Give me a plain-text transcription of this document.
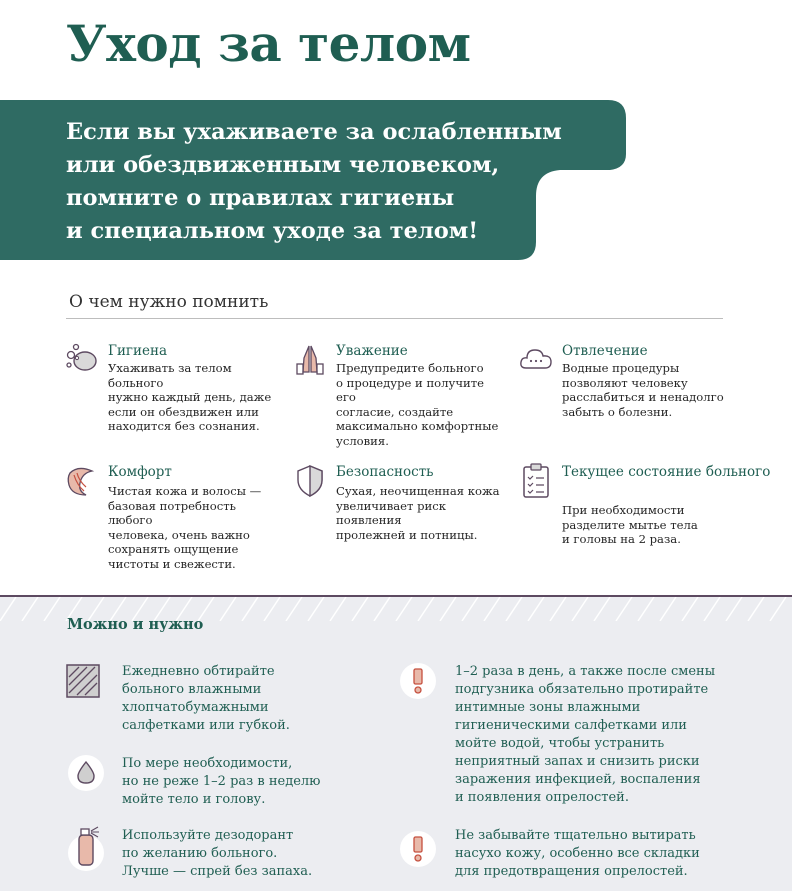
Уход за телом
Если вы ухаживаете за ослабленным
или обездвиженным человеком,
помните о правилах гигиены
и специальном уходе за телом!
О чем нужно помнить
Гигиена
Ухаживать за телом больного
нужно каждый день, даже
если он обездвижен или
находится без сознания.
Уважение
Предупредите больного
о процедуре и получите его
согласие, создайте
максимально комфортные
условия.
Отвлечение
Водные процедуры
позволяют человеку
расслабиться и ненадолго
забыть о болезни.
Комфорт
Чистая кожа и волосы —
базовая потребность любого
человека, очень важно
сохранять ощущение
чистоты и свежести.
Безопасность
Сухая, неочищенная кожа
увеличивает риск появления
пролежней и потницы.
Текущее состояние больного
При необходимости
разделите мытье тела
и головы на 2 раза.
Можно и нужно
Ежедневно обтирайте
больного влажными
хлопчатобумажными
салфетками или губкой.
По мере необходимости,
но не реже 1–2 раз в неделю
мойте тело и голову.
Используйте дезодорант
по желанию больного.
Лучше — спрей без запаха.
1–2 раза в день, а также после смены
подгузника обязательно протирайте
интимные зоны влажными
гигиеническими салфетками или
мойте водой, чтобы устранить
неприятный запах и снизить риски
заражения инфекцией, воспаления
и появления опрелостей.
Не забывайте тщательно вытирать
насухо кожу, особенно все складки
для предотвращения опрелостей.
